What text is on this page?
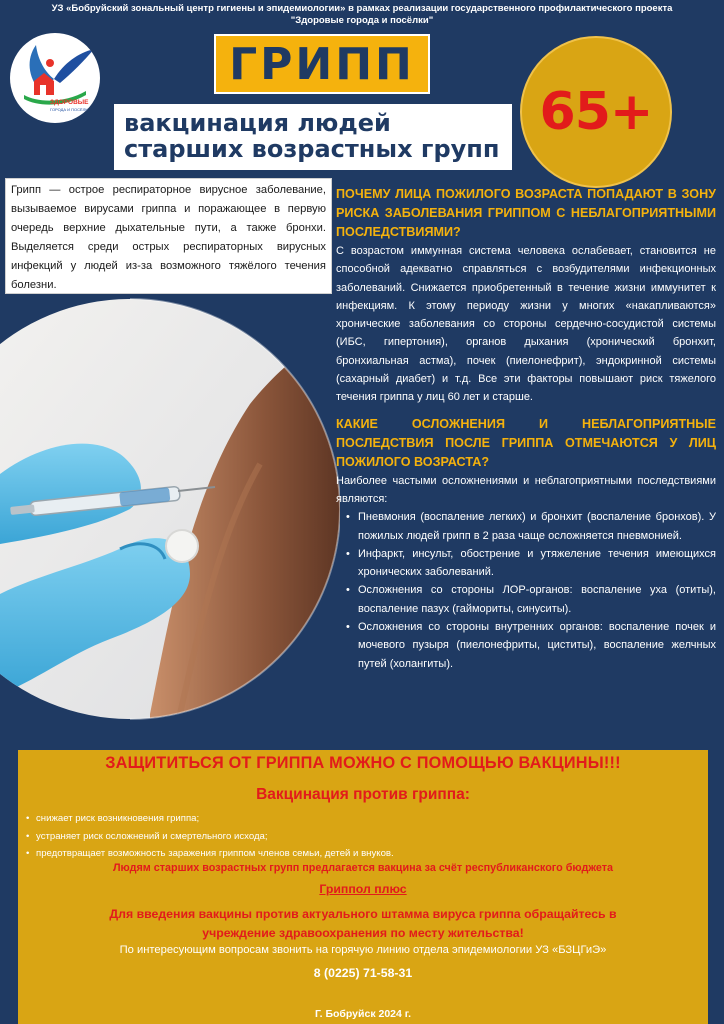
УЗ «Бобруйский зональный центр гигиены и эпидемиологии» в рамках реализации государственного профилактического проекта
"Здоровые города и посёлки"
ЗДОРОВЫЕ
ГОРОДА И ПОСЁЛКИ
ГРИПП
вакцинация людей
старших возрастных групп
65+
Грипп — острое респираторное вирусное заболевание, вызываемое вирусами гриппа и поражающее в первую очередь верхние дыхательные пути, а также бронхи. Выделяется среди острых респираторных вирусных инфекций у людей из-за возможного тяжёлого течения болезни.
ПОЧЕМУ ЛИЦА ПОЖИЛОГО ВОЗРАСТА ПОПАДАЮТ В ЗОНУ РИСКА ЗАБОЛЕВАНИЯ ГРИППОМ С НЕБЛАГОПРИЯТНЫМИ ПОСЛЕДСТВИЯМИ?
С возрастом иммунная система человека ослабевает, становится не способной адекватно справляться с возбудителями инфекционных заболеваний. Снижается приобретенный в течение жизни иммунитет к инфекциям. К этому периоду жизни у многих «накапливаются» хронические заболевания со стороны сердечно-сосудистой системы (ИБС, гипертония), органов дыхания (хронический бронхит, бронхиальная астма), почек (пиелонефрит), эндокринной системы (сахарный диабет) и т.д. Все эти факторы повышают риск тяжелого течения гриппа у лиц 60 лет и старше.
КАКИЕ ОСЛОЖНЕНИЯ И НЕБЛАГОПРИЯТНЫЕ ПОСЛЕДСТВИЯ ПОСЛЕ ГРИППА ОТМЕЧАЮТСЯ У ЛИЦ ПОЖИЛОГО ВОЗРАСТА?
Наиболее частыми осложнениями и неблагоприятными последствиями являются:
• Пневмония (воспаление легких) и бронхит (воспаление бронхов). У пожилых людей грипп в 2 раза чаще осложняется пневмонией.
• Инфаркт, инсульт, обострение и утяжеление течения имеющихся хронических заболеваний.
• Осложнения со стороны ЛОР-органов: воспаление уха (отиты), воспаление пазух (гаймориты, синуситы).
• Осложнения со стороны внутренних органов: воспаление почек и мочевого пузыря (пиелонефриты, циститы), воспаление желчных путей (холангиты).
ЗАЩИТИТЬСЯ ОТ ГРИППА МОЖНО С ПОМОЩЬЮ ВАКЦИНЫ!!!
Вакцинация против гриппа:
• снижает риск возникновения гриппа;
• устраняет риск осложнений и смертельного исхода;
• предотвращает возможность заражения гриппом членов семьи, детей и внуков.
Людям старших возрастных групп предлагается вакцина за счёт республиканского бюджета
Гриппол плюс
Для введения вакцины против актуального штамма вируса гриппа обращайтесь в
учреждение здравоохранения по месту жительства!
По интересующим вопросам звонить на горячую линию отдела эпидемиологии УЗ «БЗЦГиЭ»
8 (0225) 71-58-31
Г. Бобруйск 2024 г.
